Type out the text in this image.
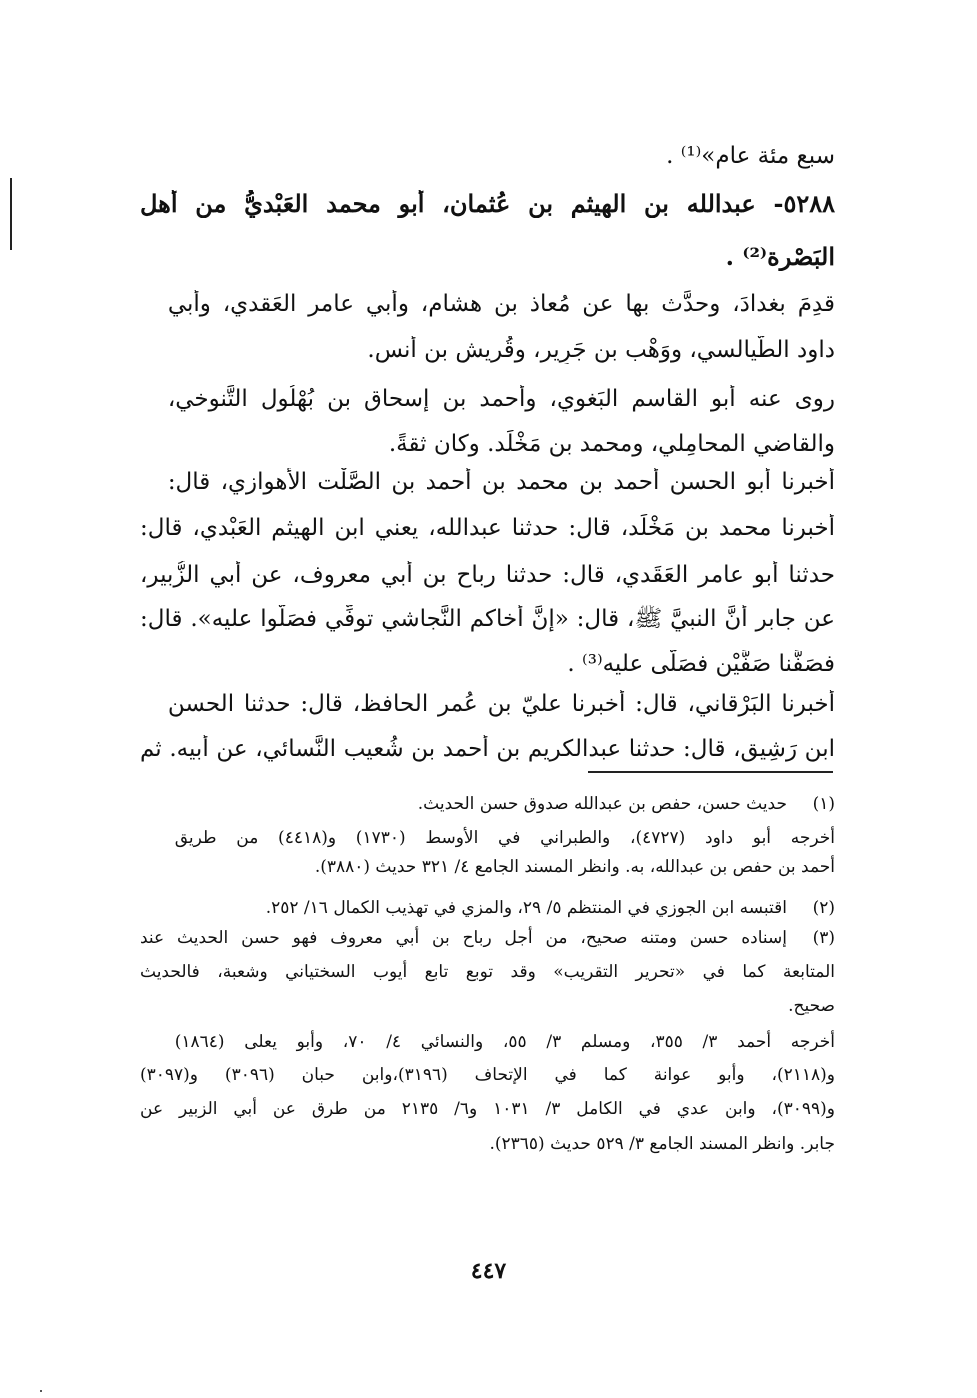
سبع مئة عام»⁽¹⁾ .
٥٢٨٨- عبدالله بن الهيثم بن عُثمان، أبو محمد العَبْديُّ من أهل
البَصْرة⁽²⁾ .
قدِمَ بغدادَ، وحدَّث بها عن مُعاذ بن هشام، وأبي عامر العَقدي، وأبي
داود الطَّيالسي، ووَهْب بن جَرِير، وقُريش بن أنس.
روى عنه أبو القاسم البَغوي، وأحمد بن إسحاق بن بُهْلُول التَّنوخي،
والقاضي المحامِلي، ومحمد بن مَخْلَد. وكان ثقةً.
أخبرنا أبو الحسن أحمد بن محمد بن أحمد بن الصَّلْت الأهوازي، قال:
أخبرنا محمد بن مَخْلَد، قال: حدثنا عبدالله، يعني ابن الهيثم العَبْدي، قال:
حدثنا أبو عامر العَقَدي، قال: حدثنا رباح بن أبي معروف، عن أبي الزُّبير،
عن جابر أنَّ النبيَّ ﷺ، قال: «إنَّ أخاكم النَّجاشي توفِّي فصَلُّوا عليه». قال:
فصَفَّنا صَفَّيْن فصَلَّى عليه⁽³⁾ .
أخبرنا البَرْقاني، قال: أخبرنا عليّ بن عُمر الحافظ، قال: حدثنا الحسن
ابن رَشِيق، قال: حدثنا عبدالكريم بن أحمد بن شُعيب النَّسائي، عن أبيه. ثم
(١)
حديث حسن، حفص بن عبدالله صدوق حسن الحديث.
أخرجه أبو داود (٤٧٢٧)، والطبراني في الأوسط (١٧٣٠) و(٤٤١٨) من طريق
أحمد بن حفص بن عبدالله، به. وانظر المسند الجامع ٤/ ٣٢١ حديث (٣٨٨٠).
(٢)
اقتبسه ابن الجوزي في المنتظم ٥/ ٢٩، والمزي في تهذيب الكمال ١٦/ ٢٥٢.
(٣)
إسناده حسن ومتنه صحيح، من أجل رباح بن أبي معروف فهو حسن الحديث عند
المتابعة كما في «تحرير التقريب» وقد توبع تابع أيوب السختياني وشعبة، فالحديث
صحيح.
أخرجه أحمد ٣/ ٣٥٥، ومسلم ٣/ ٥٥، والنسائي ٤/ ٧٠، وأبو يعلى (١٨٦٤)
و(٢١١٨)، وأبو عوانة كما في الإتحاف (٣١٩٦)،وابن حبان (٣٠٩٦) و(٣٠٩٧)
و(٣٠٩٩)، وابن عدي في الكامل ٣/ ١٠٣١ و٦/ ٢١٣٥ من طرق عن أبي الزبير عن
جابر. وانظر المسند الجامع ٣/ ٥٢٩ حديث (٢٣٦٥).
٤٤٧
